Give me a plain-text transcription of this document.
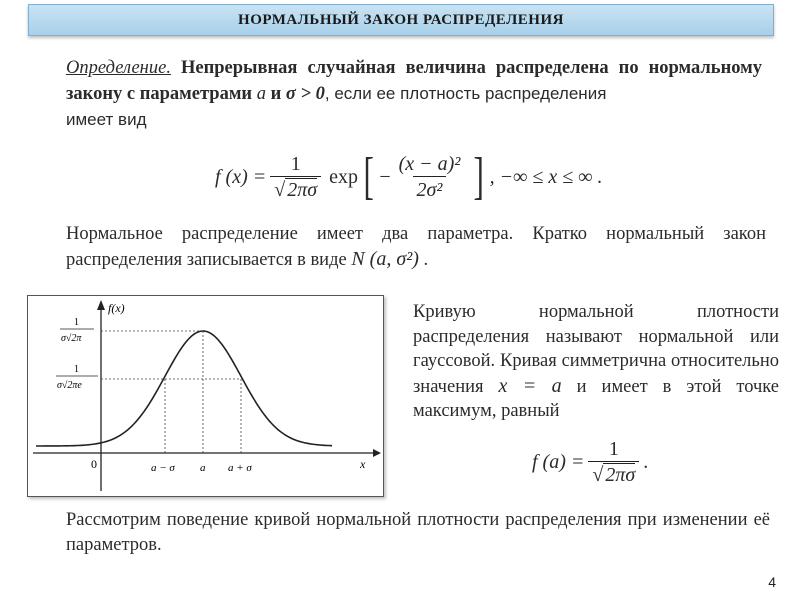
НОРМАЛЬНЫЙ ЗАКОН РАСПРЕДЕЛЕНИЯ
Определение. Непрерывная случайная величина распределена по нормальному закону с параметрами a и σ > 0, если ее плотность распределения
имеет вид
f $(x) = \frac{1}{√ 2\pi\sigma}$ exp [ − $\frac{\text{(x − a)²}}{\text{2σ²}}$ ] , −∞ ≤ x ≤ ∞ .
Нормальное распределение имеет два параметра. Кратко нормальный закон распределения записывается в виде N (a, σ²) .
f(x)
x
0	a − σ a a + σ
1
σ√2π
1
σ√2πe
Кривую нормальной плотности распределения называют нормальной или гауссовой. Кривая симметрична относительно значения x = a и имеет в этой точке максимум, равный
f $(a) = \frac{1}{√ 2\pi\sigma}$ .
Рассмотрим поведение кривой нормальной плотности распределения при изменении её параметров.
4
